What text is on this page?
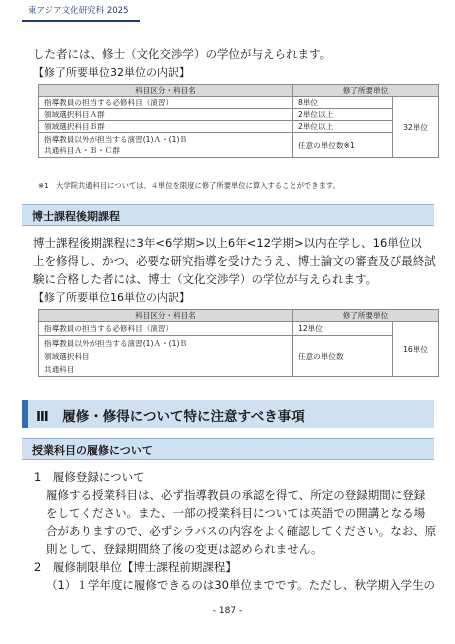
東アジア文化研究科 2025
した者には、修士（文化交渉学）の学位が与えられます。
【修了所要単位32単位の内訳】
科目区分・科目名	修了所要単位	
指導教員の担当する必修科目（演習）	8単位	32単位
領域選択科目Ａ群	2単位以上	
領域選択科目Ｂ群	2単位以上	
指導教員以外が担当する演習(1)Ａ・(1)Ｂ
共通科目Ａ・Ｂ・Ｃ群	任意の単位数※1	
※1　大学院共通科目については、４単位を限度に修了所要単位に算入することができます。
博士課程後期課程
博士課程後期課程に3年<6学期>以上6年<12学期>以内在学し、16単位以
上を修得し、かつ、必要な研究指導を受けたうえ、博士論文の審査及び最終試
験に合格した者には、博士（文化交渉学）の学位が与えられます。
【修了所要単位16単位の内訳】
科目区分・科目名	修了所要単位	
指導教員の担当する必修科目（演習）	12単位	16単位
指導教員以外が担当する演習(1)Ａ・(1)Ｂ
領域選択科目
共通科目	任意の単位数	
Ⅲ　履修・修得について特に注意すべき事項
授業科目の履修について
1　履修登録について
履修する授業科目は、必ず指導教員の承認を得て、所定の登録期間に登録
をしてください。また、一部の授業科目については英語での開講となる場
合がありますので、必ずシラバスの内容をよく確認してください。なお、原
則として、登録期間終了後の変更は認められません。
2　履修制限単位【博士課程前期課程】
（1）１学年度に履修できるのは30単位までです。ただし、秋学期入学生の
- 187 -
